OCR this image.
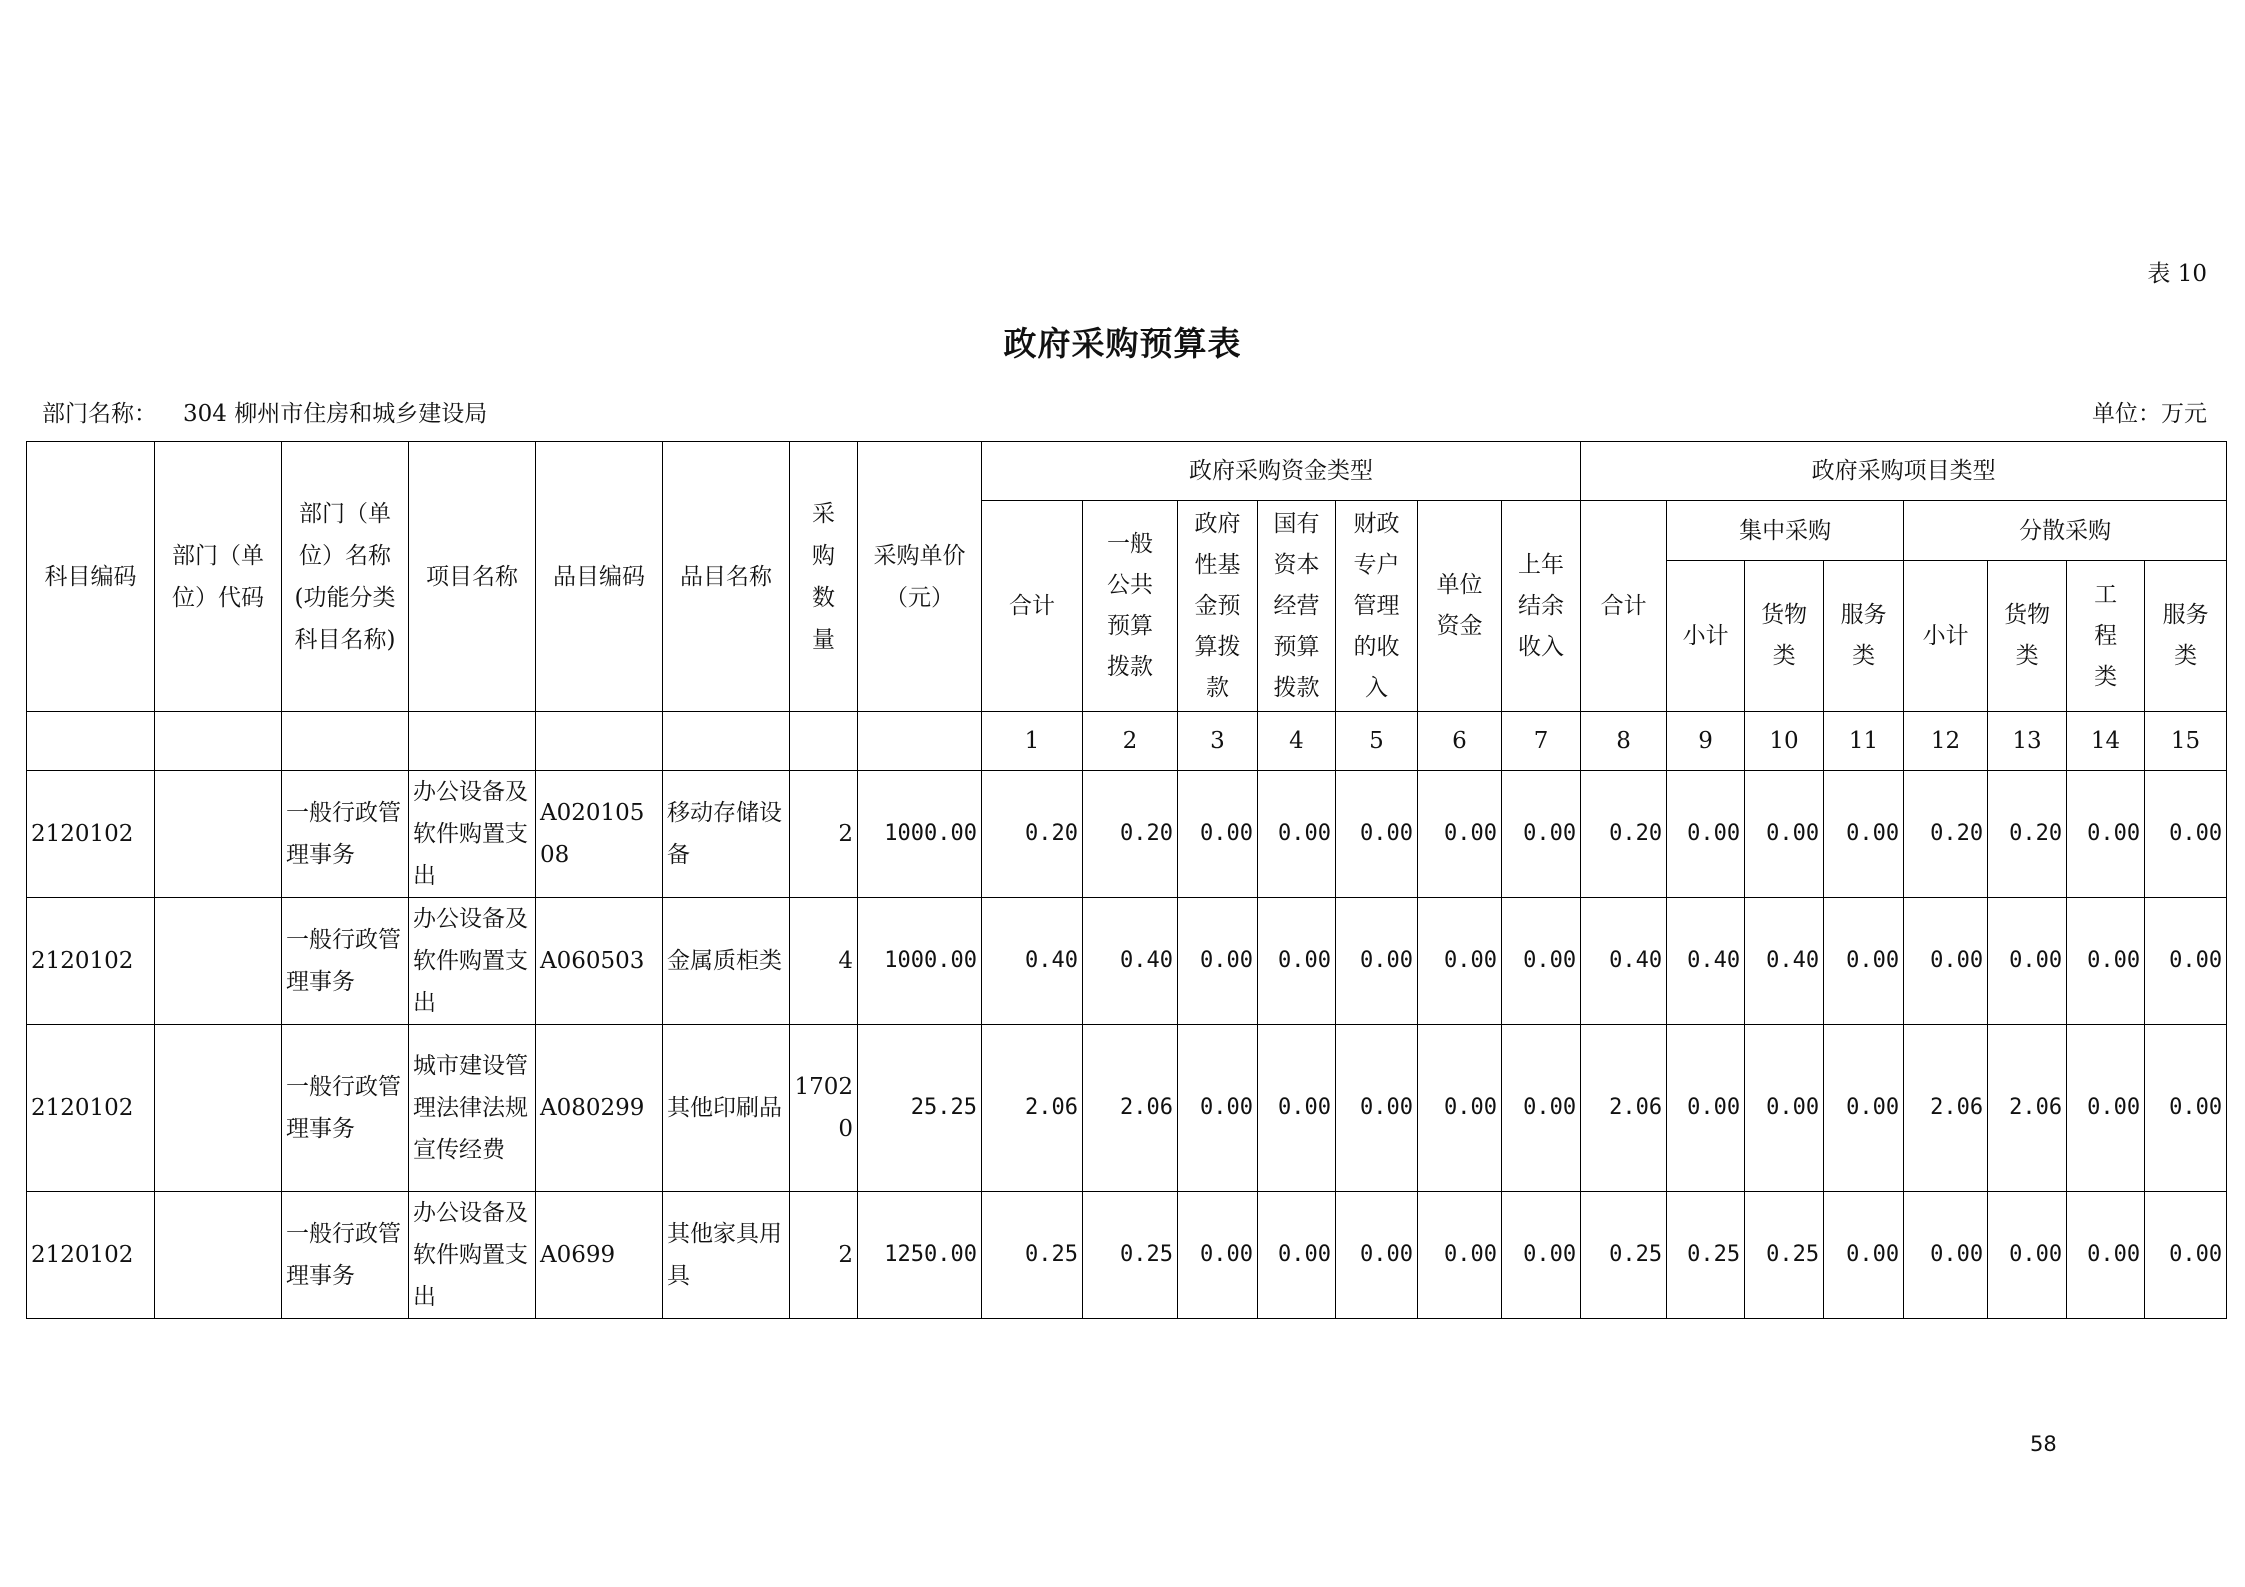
表 10
政府采购预算表
部门名称： 304 柳州市住房和城乡建设局	单位：万元
科目编码	部门（单位）代码	部门（单位）名称(功能分类科目名称)	项目名称	品目编码	品目名称	采购数量	采购单价（元）	政府采购资金类型							政府采购项目类型							
								合计	一般公共预算拨款	政府性基金预算拨款	国有资本经营预算拨款	财政专户管理的收入	单位资金	上年结余收入	合计	集中采购			分散采购			
																小计	货物类	服务类	小计	货物类	工程类	服务类
								1	2	3	4	5	6	7	8	9	10	11	12	13	14	15
2120102		一般行政管理事务	办公设备及软件购置支出	A02010508	移动存储设备	2	1000.00	0.20	0.20	0.00	0.00	0.00	0.00	0.00	0.20	0.00	0.00	0.00	0.20	0.20	0.00	0.00
2120102		一般行政管理事务	办公设备及软件购置支出	A060503	金属质柜类	4	1000.00	0.40	0.40	0.00	0.00	0.00	0.00	0.00	0.40	0.40	0.40	0.00	0.00	0.00	0.00	0.00
2120102		一般行政管理事务	城市建设管理法律法规宣传经费	A080299	其他印刷品	17020	25.25	2.06	2.06	0.00	0.00	0.00	0.00	0.00	2.06	0.00	0.00	0.00	2.06	2.06	0.00	0.00
2120102		一般行政管理事务	办公设备及软件购置支出	A0699	其他家具用具	2	1250.00	0.25	0.25	0.00	0.00	0.00	0.00	0.00	0.25	0.25	0.25	0.00	0.00	0.00	0.00	0.00
58
